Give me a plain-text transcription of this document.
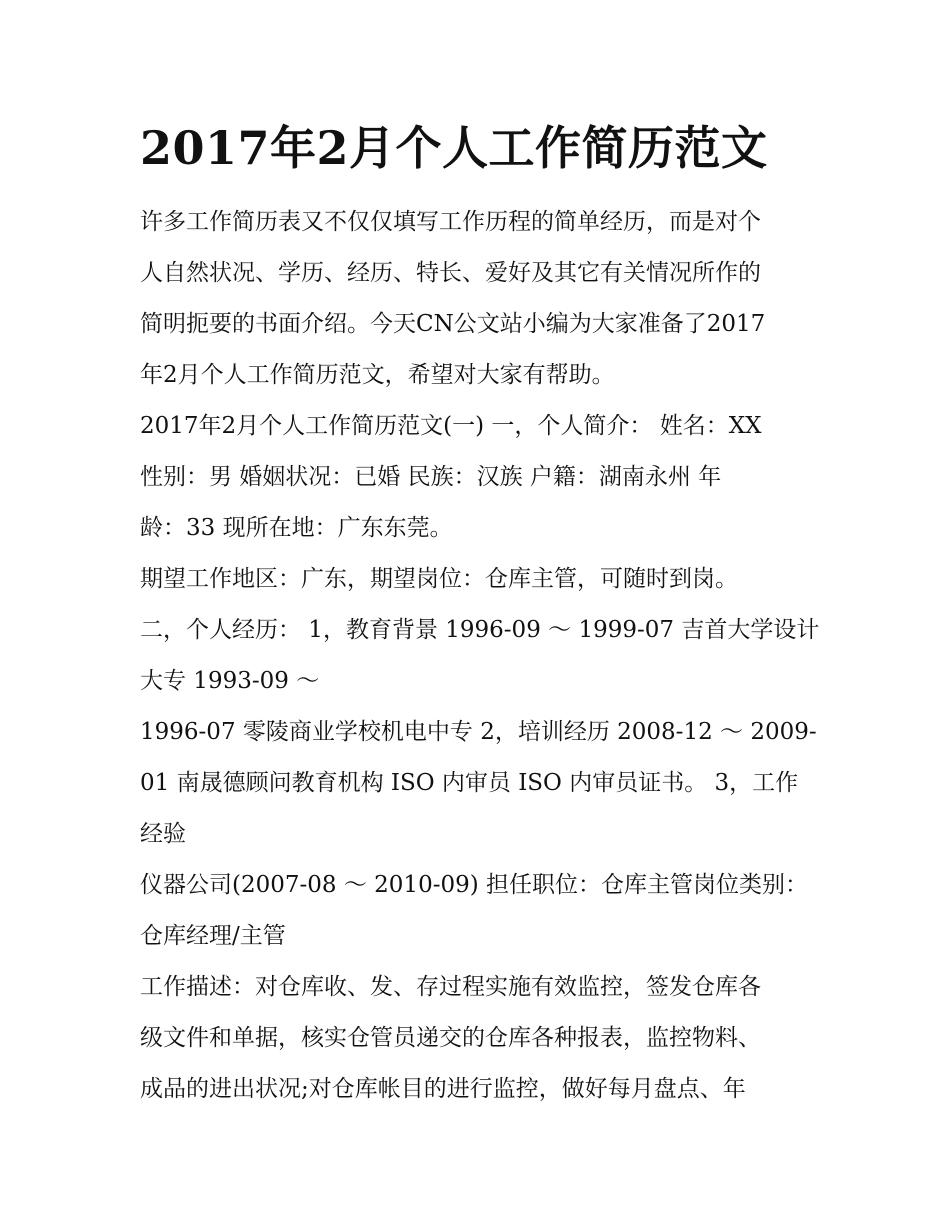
2017年2月个人工作简历范文
许多工作简历表又不仅仅填写工作历程的简单经历，而是对个
人自然状况、学历、经历、特长、爱好及其它有关情况所作的
简明扼要的书面介绍。今天CN公文站小编为大家准备了2017
年2月个人工作简历范文，希望对大家有帮助。
2017年2月个人工作简历范文(一) 一，个人简介： 姓名：XX
性别：男 婚姻状况：已婚 民族：汉族 户籍：湖南永州 年
龄：33 现所在地：广东东莞。
期望工作地区：广东，期望岗位：仓库主管，可随时到岗。
二，个人经历： 1，教育背景 1996-09 ～ 1999-07 吉首大学设计
大专 1993-09 ～
1996-07 零陵商业学校机电中专 2，培训经历 2008-12 ～ 2009-
01 南晟德顾问教育机构 ISO 内审员 ISO 内审员证书。 3，工作
经验
仪器公司(2007-08 ～ 2010-09) 担任职位：仓库主管岗位类别：
仓库经理/主管
工作描述：对仓库收、发、存过程实施有效监控，签发仓库各
级文件和单据，核实仓管员递交的仓库各种报表，监控物料、
成品的进出状况;对仓库帐目的进行监控，做好每月盘点、年
